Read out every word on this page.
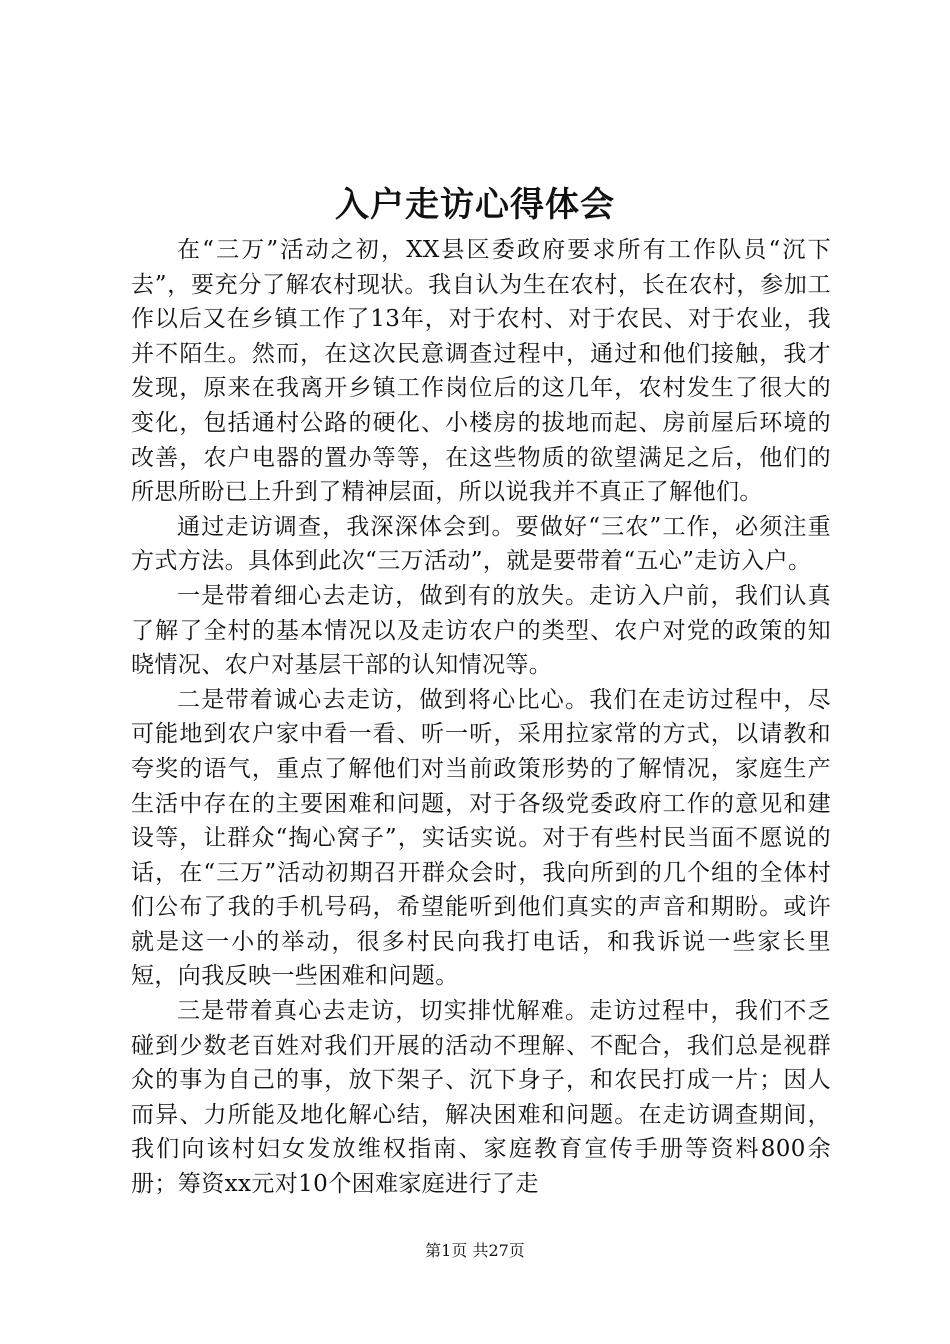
入户走访心得体会

在“三万”活动之初，XX县区委政府要求所有工作队员“沉下去”，要充分了解农村现状。我自认为生在农村，长在农村，参加工作以后又在乡镇工作了13年，对于农村、对于农民、对于农业，我并不陌生。然而，在这次民意调查过程中，通过和他们接触，我才发现，原来在我离开乡镇工作岗位后的这几年，农村发生了很大的变化，包括通村公路的硬化、小楼房的拔地而起、房前屋后环境的改善，农户电器的置办等等，在这些物质的欲望满足之后，他们的所思所盼已上升到了精神层面，所以说我并不真正了解他们。

通过走访调查，我深深体会到。要做好“三农”工作，必须注重方式方法。具体到此次“三万活动”，就是要带着“五心”走访入户。

一是带着细心去走访，做到有的放失。走访入户前，我们认真了解了全村的基本情况以及走访农户的类型、农户对党的政策的知晓情况、农户对基层干部的认知情况等。

二是带着诚心去走访，做到将心比心。我们在走访过程中，尽可能地到农户家中看一看、听一听，采用拉家常的方式，以请教和夸奖的语气，重点了解他们对当前政策形势的了解情况，家庭生产生活中存在的主要困难和问题，对于各级党委政府工作的意见和建设等，让群众“掏心窝子”，实话实说。对于有些村民当面不愿说的话，在“三万”活动初期召开群众会时，我向所到的几个组的全体村们公布了我的手机号码，希望能听到他们真实的声音和期盼。或许就是这一小的举动，很多村民向我打电话，和我诉说一些家长里短，向我反映一些困难和问题。

三是带着真心去走访，切实排忧解难。走访过程中，我们不乏碰到少数老百姓对我们开展的活动不理解、不配合，我们总是视群众的事为自己的事，放下架子、沉下身子，和农民打成一片；因人而异、力所能及地化解心结，解决困难和问题。在走访调查期间，我们向该村妇女发放维权指南、家庭教育宣传手册等资料800余册；筹资xx元对10个困难家庭进行了走

第1页 共27页
